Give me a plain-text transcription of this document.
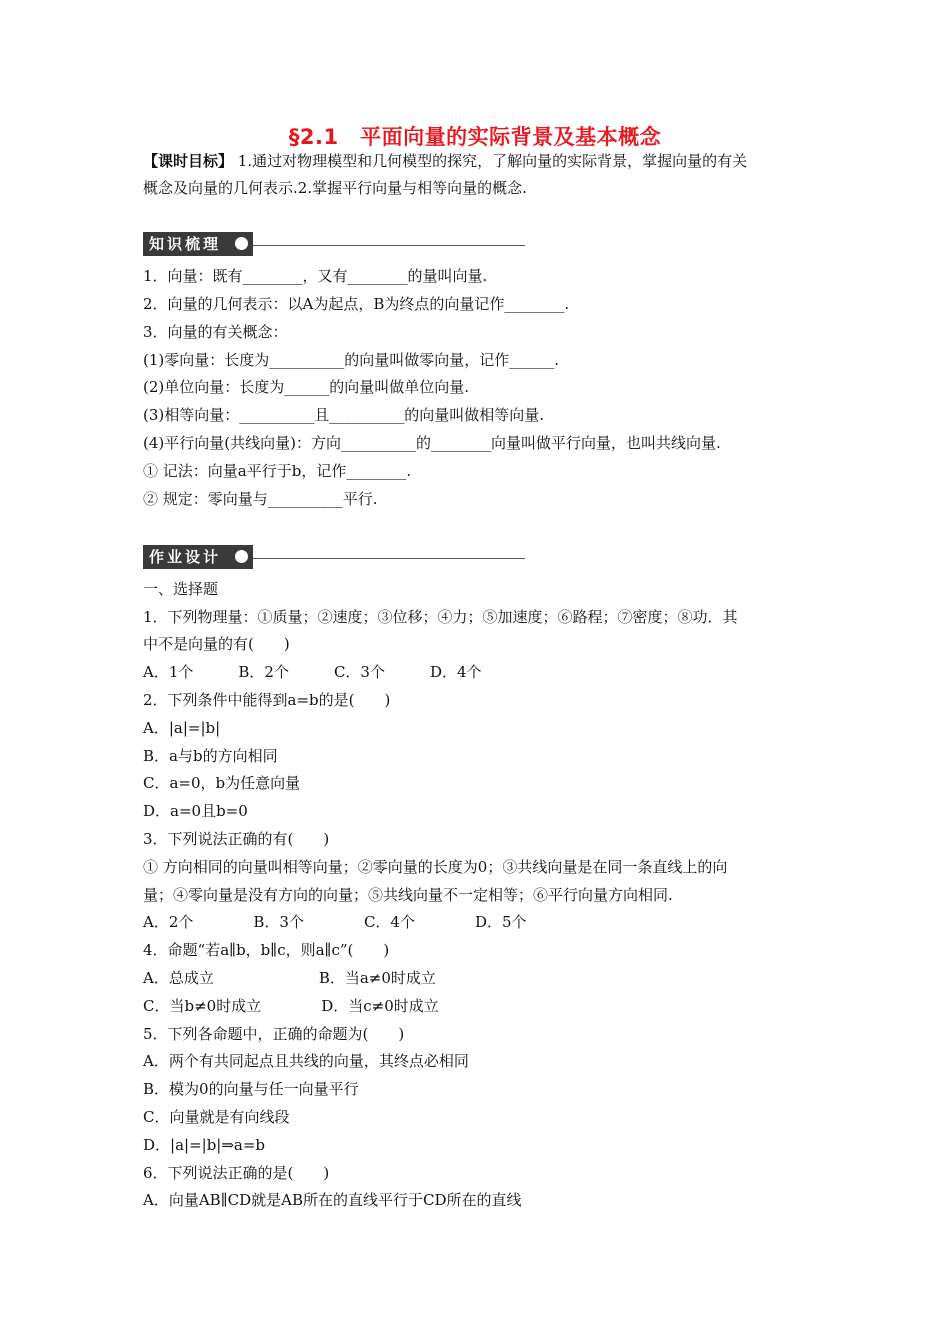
§2.1　平面向量的实际背景及基本概念
【课时目标】 1.通过对物理模型和几何模型的探究，了解向量的实际背景，掌握向量的有关
概念及向量的几何表示.2.掌握平行向量与相等向量的概念.
知识梳理
1．向量：既有________，又有________的量叫向量.
2．向量的几何表示：以A为起点，B为终点的向量记作________.
3．向量的有关概念：
(1)零向量：长度为__________的向量叫做零向量，记作______.
(2)单位向量：长度为______的向量叫做单位向量.
(3)相等向量：__________且__________的向量叫做相等向量.
(4)平行向量(共线向量)：方向__________的________向量叫做平行向量，也叫共线向量.
① 记法：向量a平行于b，记作________.
② 规定：零向量与__________平行.
作业设计
一、选择题
1．下列物理量：①质量；②速度；③位移；④力；⑤加速度；⑥路程；⑦密度；⑧功．其
中不是向量的有(　　)
A．1个　　　B．2个　　　C．3个　　　D．4个
2．下列条件中能得到a=b的是(　　)
A．|a|=|b|
B．a与b的方向相同
C．a=0，b为任意向量
D．a=0且b=0
3．下列说法正确的有(　　)
① 方向相同的向量叫相等向量；②零向量的长度为0；③共线向量是在同一条直线上的向
量；④零向量是没有方向的向量；⑤共线向量不一定相等；⑥平行向量方向相同.
A．2个　　　　B．3个　　　　C．4个　　　　D．5个
4．命题“若a∥b，b∥c，则a∥c”(　　)
A．总成立　　　　　　　B．当a≠0时成立
C．当b≠0时成立　　　　D．当c≠0时成立
5．下列各命题中，正确的命题为(　　)
A．两个有共同起点且共线的向量，其终点必相同
B．模为0的向量与任一向量平行
C．向量就是有向线段
D．|a|=|b|⇒a=b
6．下列说法正确的是(　　)
A．向量AB∥CD就是AB所在的直线平行于CD所在的直线
